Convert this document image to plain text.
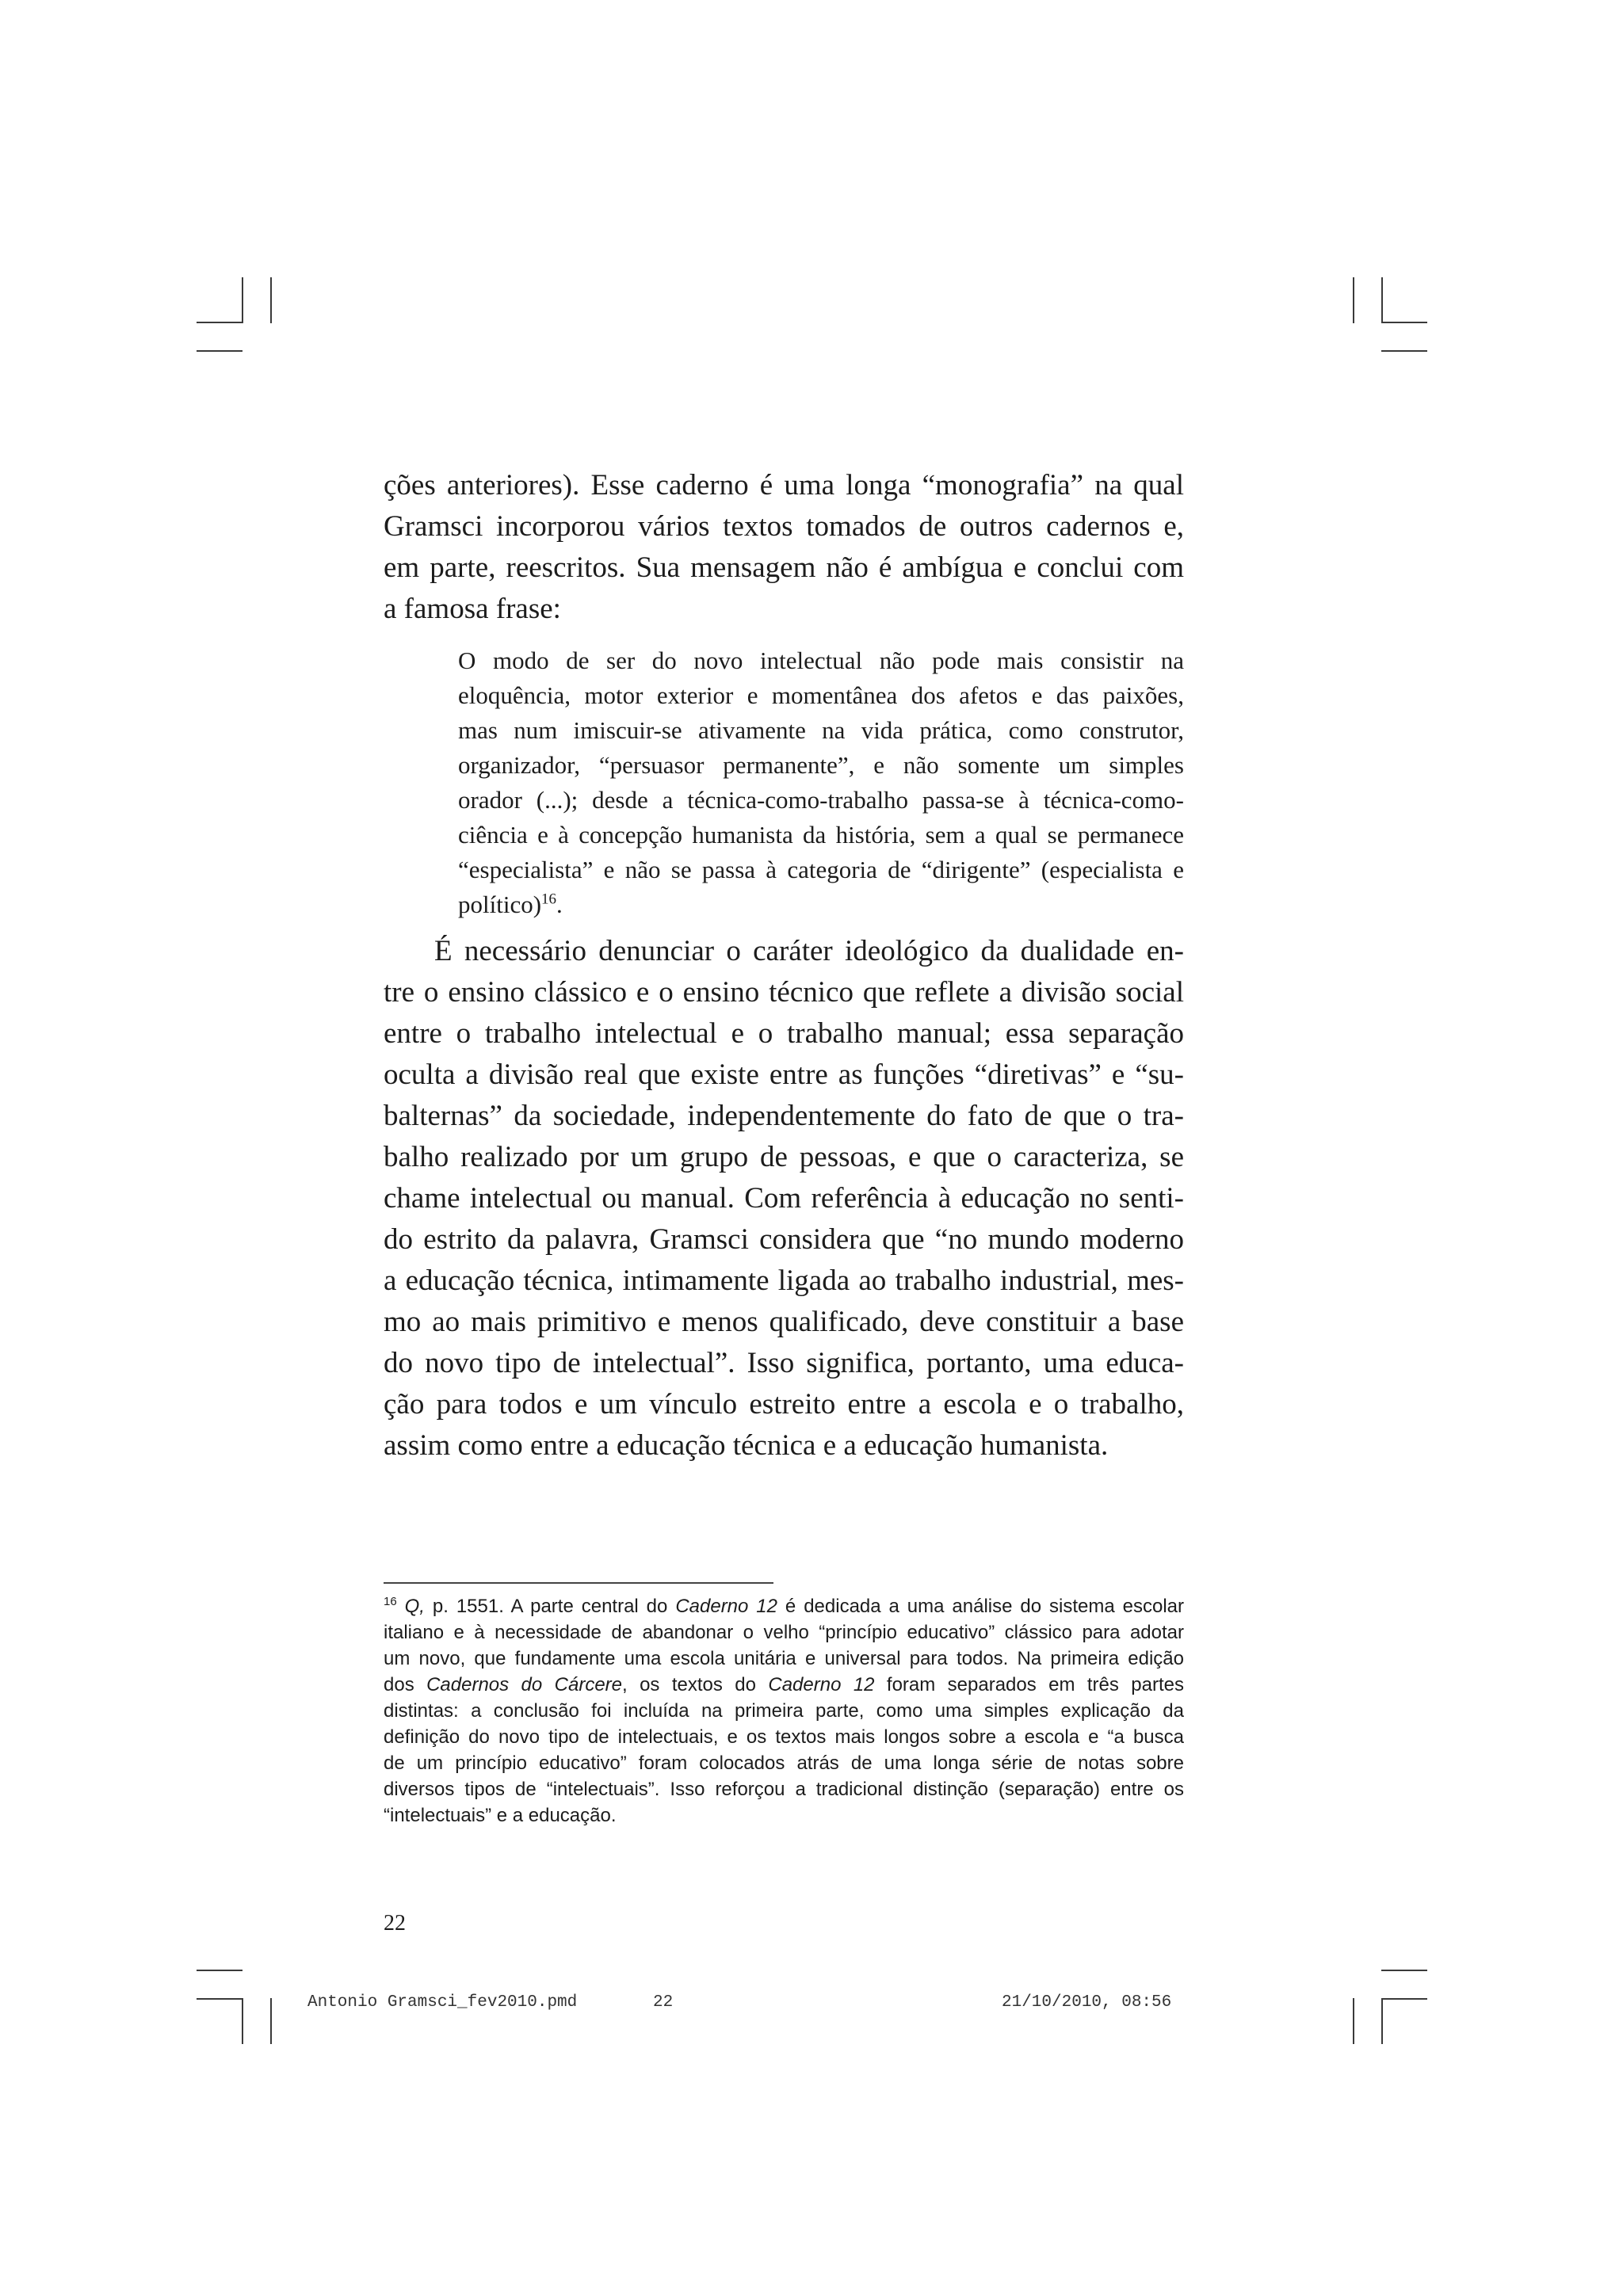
ções anteriores). Esse caderno é uma longa “monografia” na qual
Gramsci incorporou vários textos tomados de outros cadernos e,
em parte, reescritos. Sua mensagem não é ambígua e conclui com
a famosa frase:
O modo de ser do novo intelectual não pode mais consistir na
eloquência, motor exterior e momentânea dos afetos e das paixões,
mas num imiscuir-se ativamente na vida prática, como construtor,
organizador, “persuasor permanente”, e não somente um simples
orador (...); desde a técnica-como-trabalho passa-se à técnica-como-
ciência e à concepção humanista da história, sem a qual se permanece
“especialista” e não se passa à categoria de “dirigente” (especialista e
político)$^{16}$.
É necessário denunciar o caráter ideológico da dualidade en-
tre o ensino clássico e o ensino técnico que reflete a divisão social
entre o trabalho intelectual e o trabalho manual; essa separação
oculta a divisão real que existe entre as funções “diretivas” e “su-
balternas” da sociedade, independentemente do fato de que o tra-
balho realizado por um grupo de pessoas, e que o caracteriza, se
chame intelectual ou manual. Com referência à educação no senti-
do estrito da palavra, Gramsci considera que “no mundo moderno
a educação técnica, intimamente ligada ao trabalho industrial, mes-
mo ao mais primitivo e menos qualificado, deve constituir a base
do novo tipo de intelectual”. Isso significa, portanto, uma educa-
ção para todos e um vínculo estreito entre a escola e o trabalho,
assim como entre a educação técnica e a educação humanista.
$^{16}$ Q, p. 1551. A parte central do Caderno 12 é dedicada a uma análise do sistema escolar
italiano e à necessidade de abandonar o velho “princípio educativo” clássico para adotar
um novo, que fundamente uma escola unitária e universal para todos. Na primeira edição
dos Cadernos do Cárcere, os textos do Caderno 12 foram separados em três partes
distintas: a conclusão foi incluída na primeira parte, como uma simples explicação da
definição do novo tipo de intelectuais, e os textos mais longos sobre a escola e “a busca
de um princípio educativo” foram colocados atrás de uma longa série de notas sobre
diversos tipos de “intelectuais”. Isso reforçou a tradicional distinção (separação) entre os
“intelectuais” e a educação.
22
Antonio Gramsci_fev2010.pmd	22	21/10/2010, 08:56
